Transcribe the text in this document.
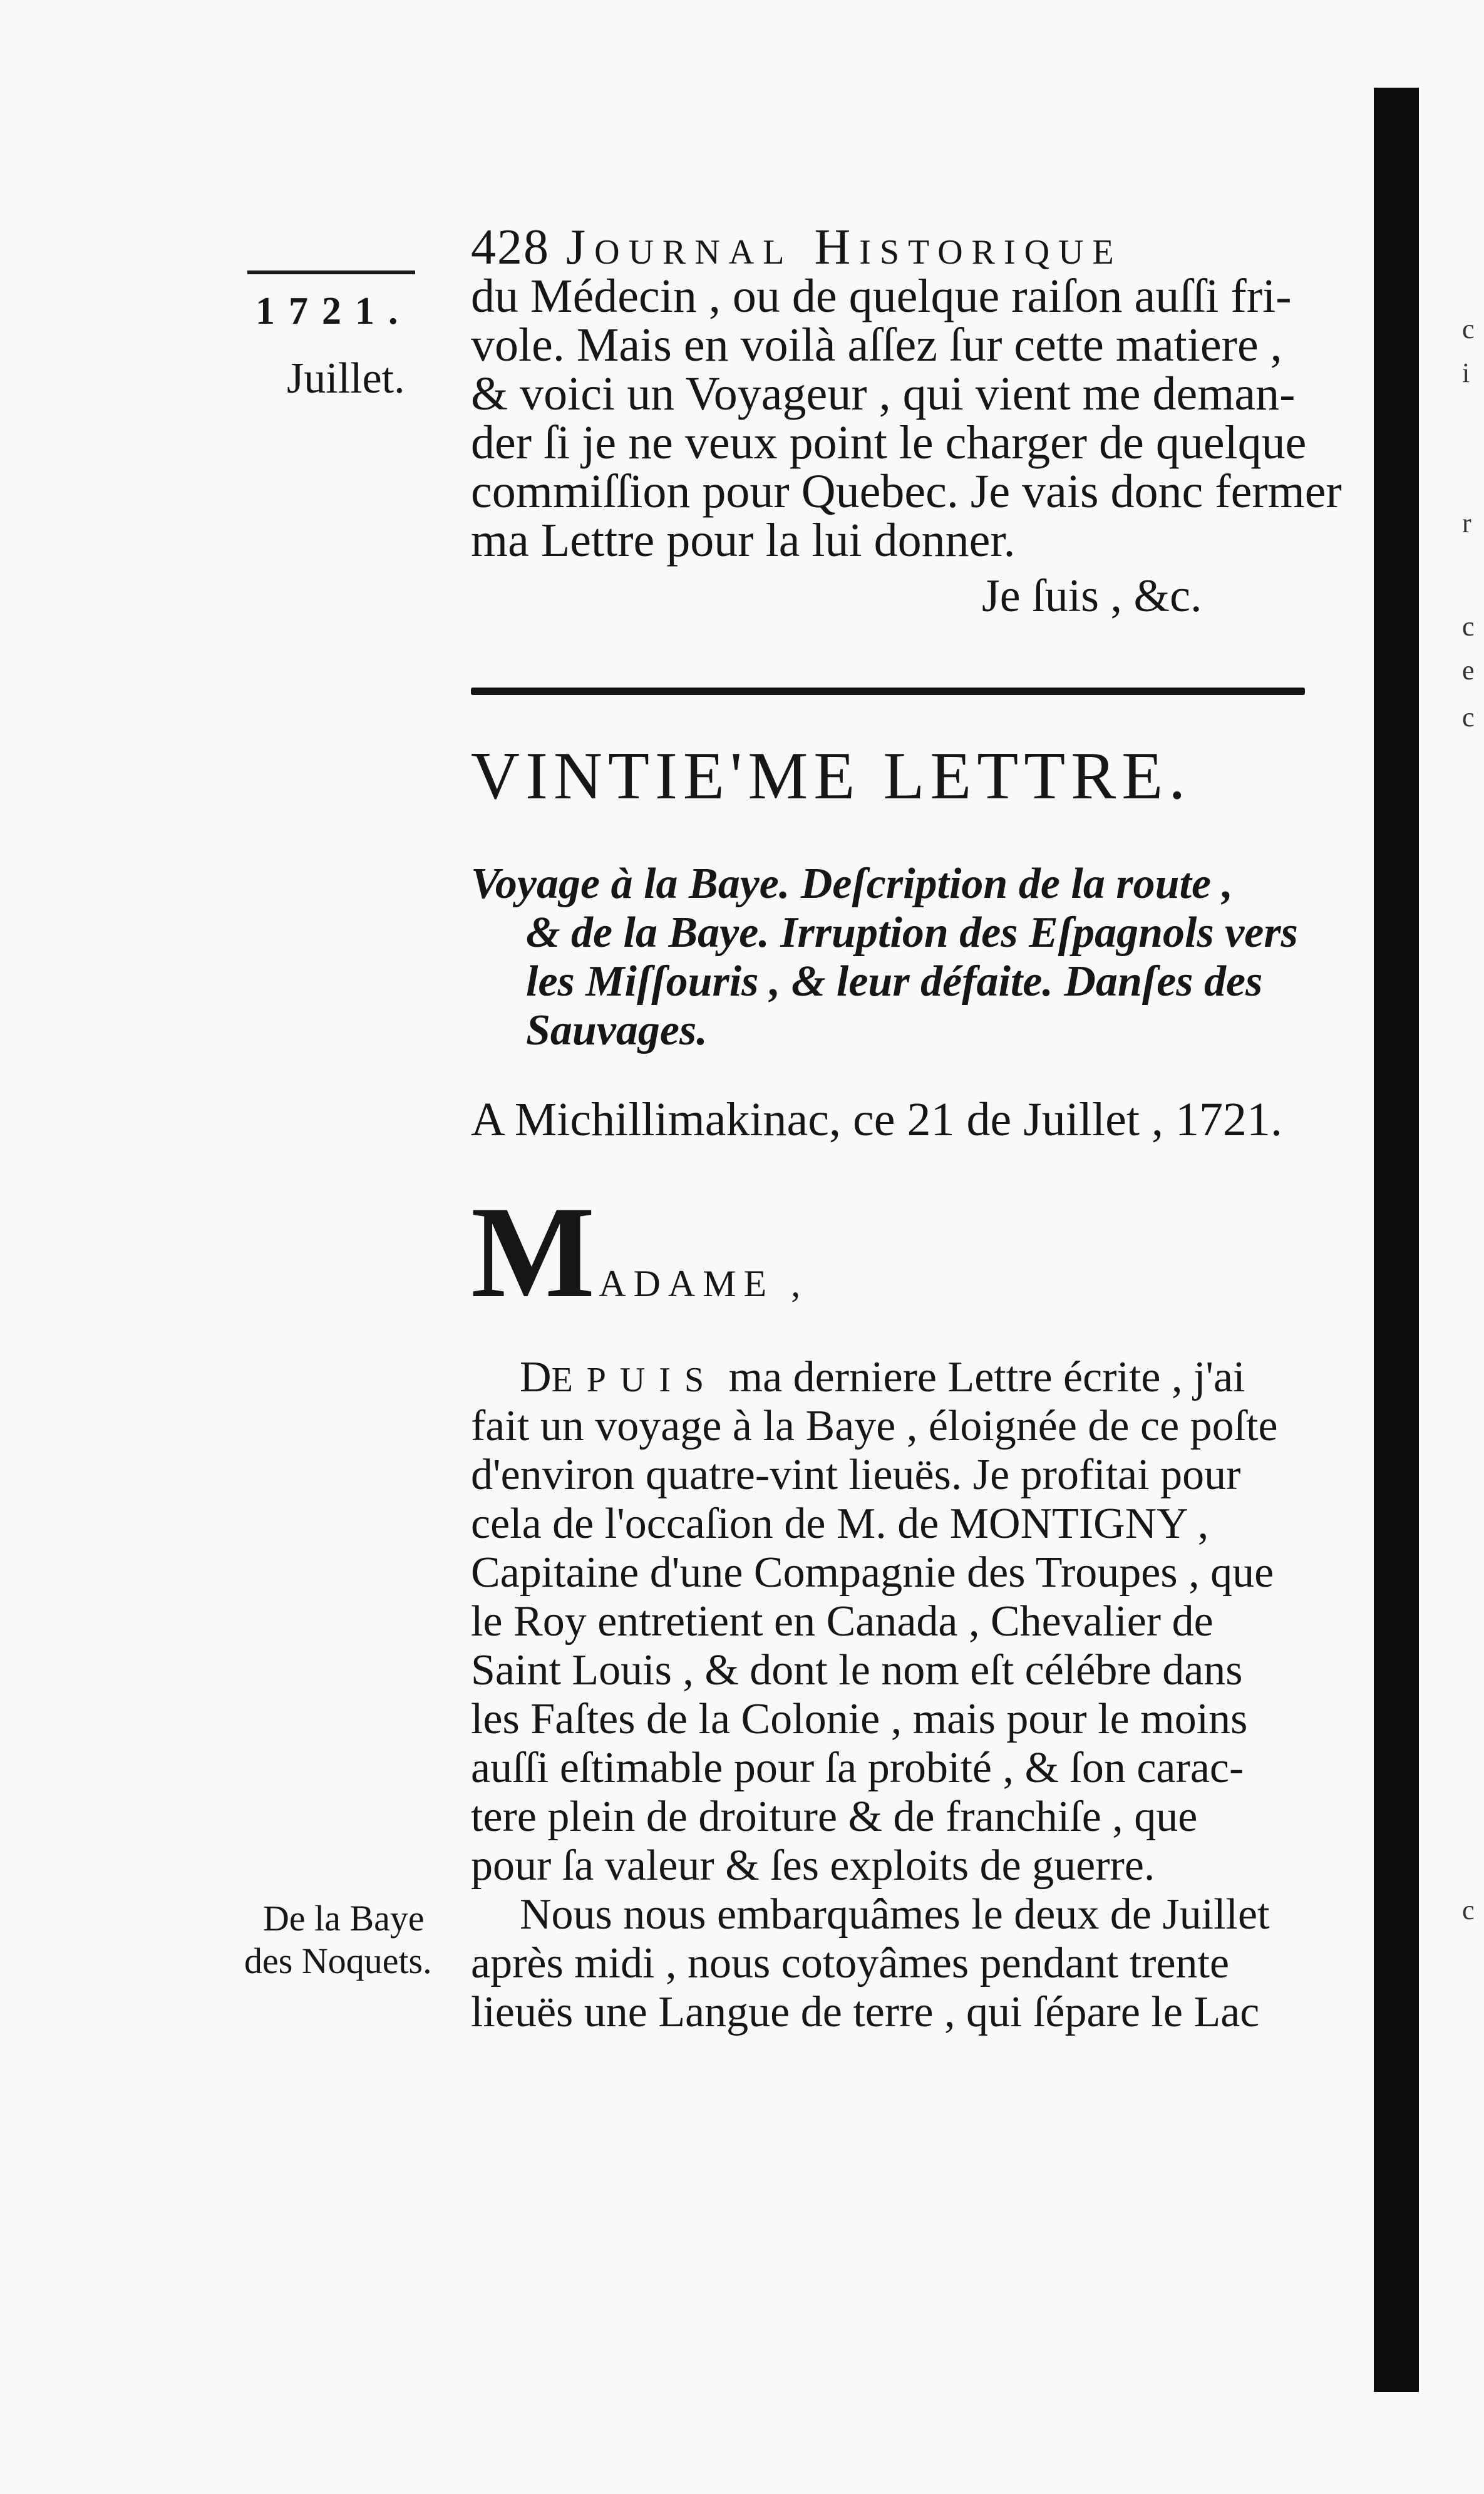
c
i
r
c
e
c
c
428 Journal Historique
1721.
Juillet.
du Médecin , ou de quelque raiſon auſſi fri-
vole. Mais en voilà aſſez ſur cette matiere ,
& voici un Voyageur , qui vient me deman-
der ſi je ne veux point le charger de quelque
commiſſion pour Quebec. Je vais donc fermer
ma Lettre pour la lui donner.
Je ſuis , &c.
VINTIE'ME LETTRE.
Voyage à la Baye. Deſcription de la route ,
& de la Baye. Irruption des Eſpagnols vers
les Miſſouris , & leur défaite. Danſes des
Sauvages.
A Michillimakinac, ce 21 de Juillet , 1721.
MADAME ,
DEPUIS ma derniere Lettre écrite , j'ai
fait un voyage à la Baye , éloignée de ce poſte
d'environ quatre-vint lieuës. Je profitai pour
cela de l'occaſion de M. de MONTIGNY ,
Capitaine d'une Compagnie des Troupes , que
le Roy entretient en Canada , Chevalier de
Saint Louis , & dont le nom eſt célébre dans
les Faſtes de la Colonie , mais pour le moins
auſſi eſtimable pour ſa probité , & ſon carac-
tere plein de droiture & de franchiſe , que
pour ſa valeur & ſes exploits de guerre.
Nous nous embarquâmes le deux de Juillet
après midi , nous cotoyâmes pendant trente
lieuës une Langue de terre , qui ſépare le Lac
De la Baye
des Noquets.
